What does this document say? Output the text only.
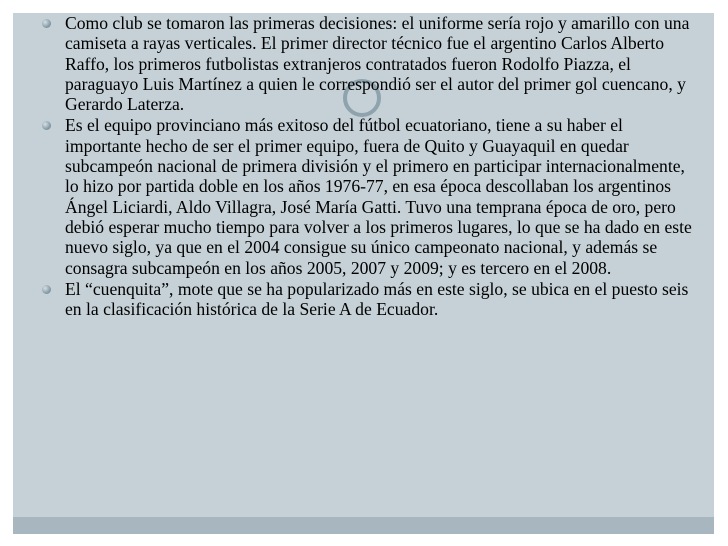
Como club se tomaron las primeras decisiones: el uniforme sería rojo y amarillo con una camiseta a rayas verticales. El primer director técnico fue el argentino Carlos Alberto Raffo, los primeros futbolistas extranjeros contratados fueron Rodolfo Piazza, el paraguayo Luis Martínez a quien le correspondió ser el autor del primer gol cuencano, y Gerardo Laterza.
Es el equipo provinciano más exitoso del fútbol ecuatoriano, tiene a su haber el importante hecho de ser el primer equipo, fuera de Quito y Guayaquil en quedar subcampeón nacional de primera división y el primero en participar internacionalmente, lo hizo por partida doble en los años 1976-77, en esa época descollaban los argentinos Ángel Liciardi, Aldo Villagra, José María Gatti. Tuvo una temprana época de oro, pero debió esperar mucho tiempo para volver a los primeros lugares, lo que se ha dado en este nuevo siglo, ya que en el 2004 consigue su único campeonato nacional, y además se consagra subcampeón en los años 2005, 2007 y 2009; y es tercero en el 2008.
El “cuenquita”, mote que se ha popularizado más en este siglo, se ubica en el puesto seis en la clasificación histórica de la Serie A de Ecuador.
